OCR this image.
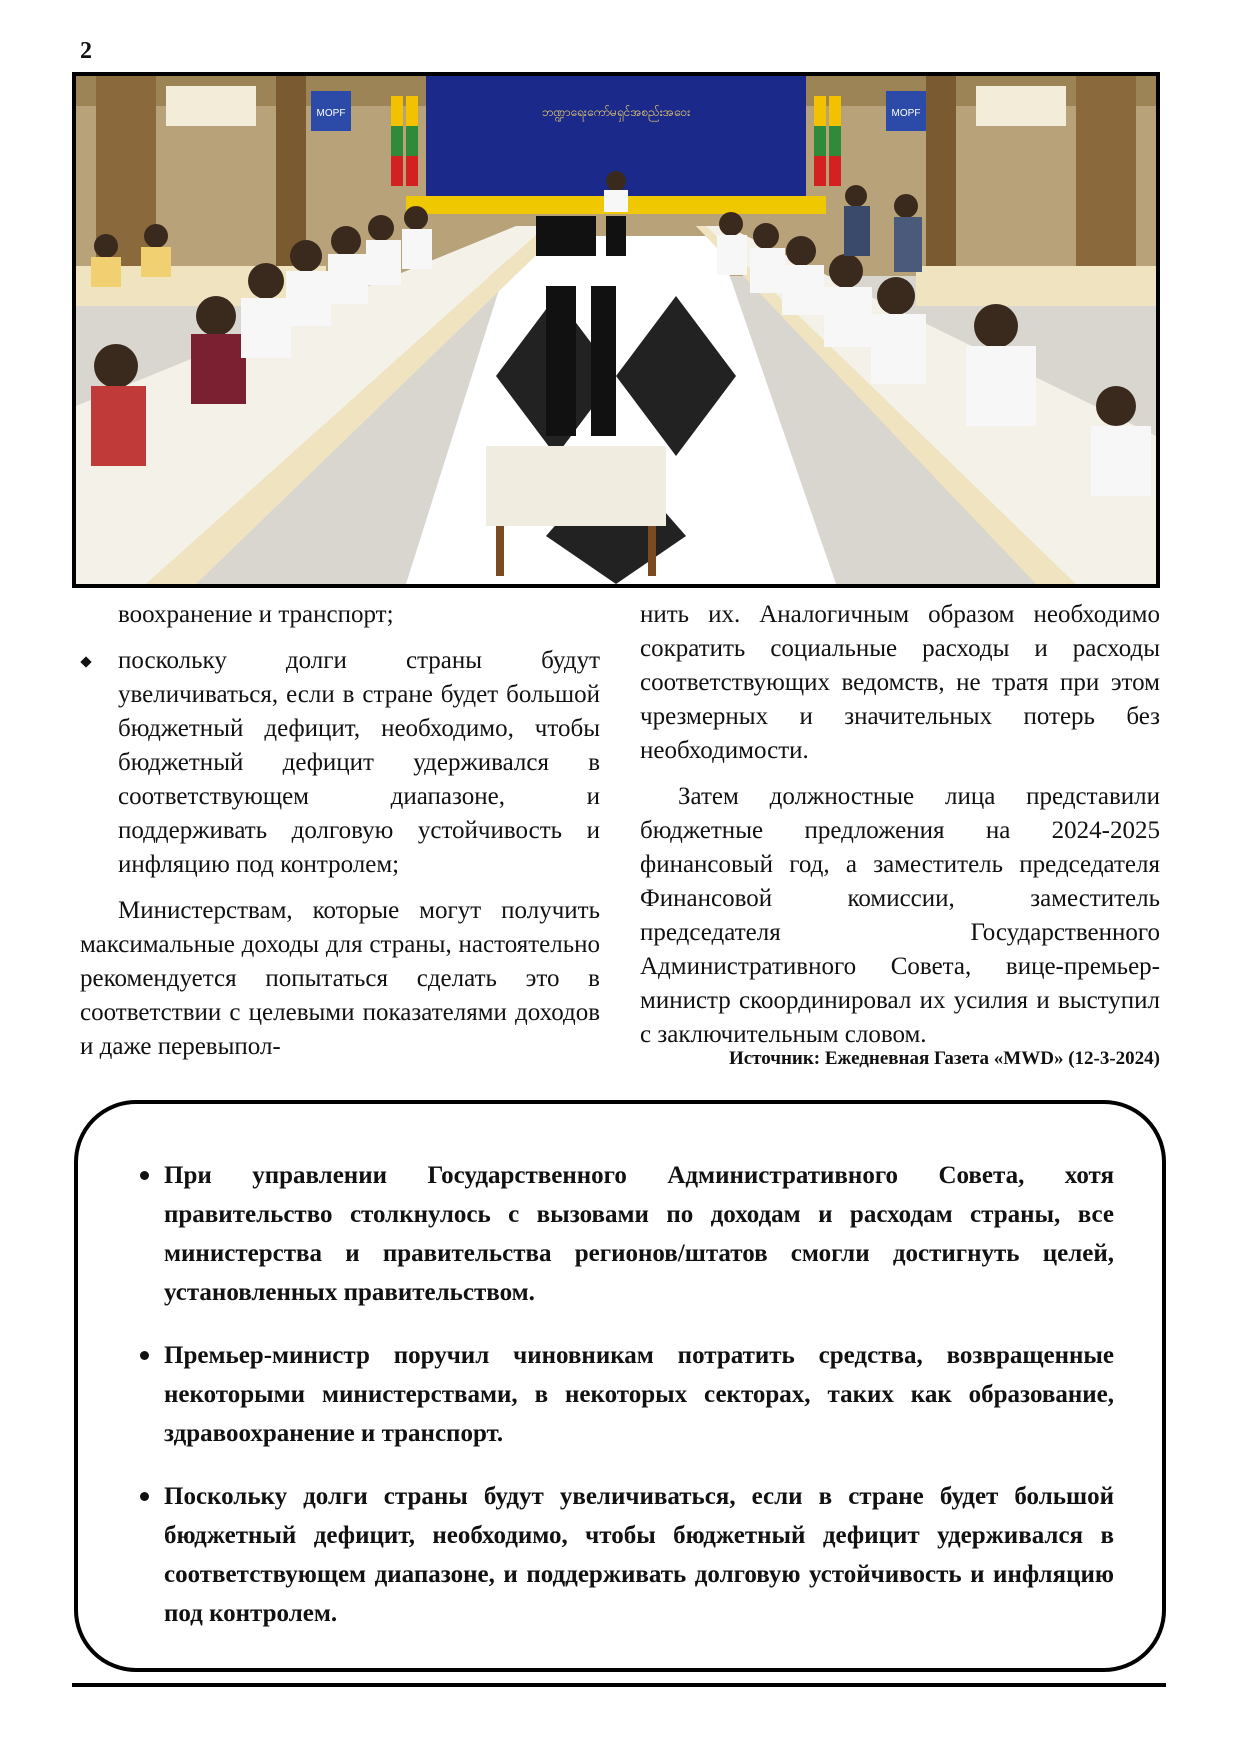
2
MOPF	MOPF
ဘဏ္ဍာရေးကော်မရှင်အစည်းအဝေး

воохранение и транспорт;

поскольку долги страны будут увеличиваться, если в стране будет большой бюджетный дефицит, необходимо, чтобы бюджетный дефицит удерживался в соответствующем диапазоне, и поддерживать долговую устойчивость и инфляцию под контролем;

Министерствам, которые могут получить максимальные доходы для страны, настоятельно рекомендуется попытаться сделать это в соответствии с целевыми показателями доходов и даже перевыпол-

нить их. Аналогичным образом необходимо сократить социальные расходы и расходы соответствующих ведомств, не тратя при этом чрезмерных и значительных потерь без необходимости.

Затем должностные лица представили бюджетные предложения на 2024-2025 финансовый год, а заместитель председателя Финансовой комиссии, заместитель председателя Государственного Административного Совета, вице-премьер-министр скоординировал их усилия и выступил с заключительным словом.

Источник: Ежедневная Газета «MWD» (12-3-2024)
При управлении Государственного Административного Совета, хотя правительство столкнулось с вызовами по доходам и расходам страны, все министерства и правительства регионов/штатов смогли достигнуть целей, установленных правительством.
Премьер-министр поручил чиновникам потратить средства, возвращенные некоторыми министерствами, в некоторых секторах, таких как образование, здравоохранение и транспорт.
Поскольку долги страны будут увеличиваться, если в стране будет большой бюджетный дефицит, необходимо, чтобы бюджетный дефицит удерживался в соответствующем диапазоне, и поддерживать долговую устойчивость и инфляцию под контролем.
